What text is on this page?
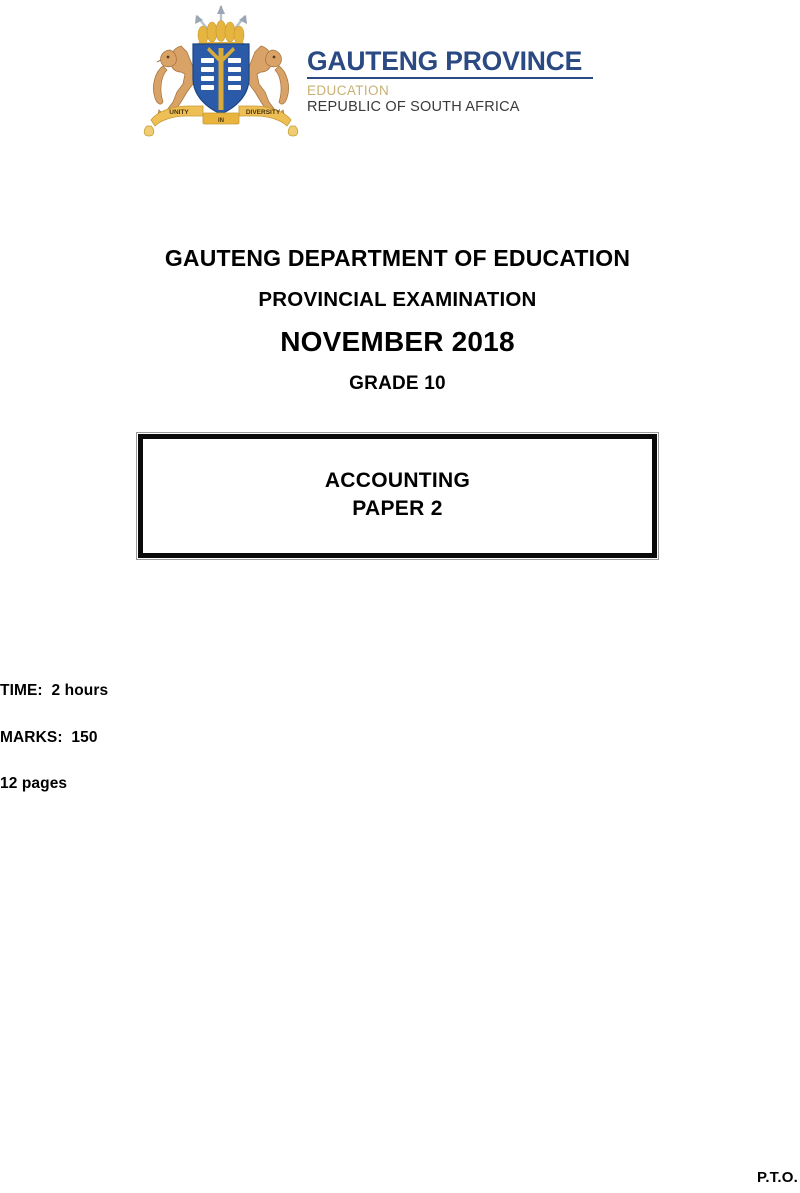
UNITY	DIVERSITY
IN
GAUTENG PROVINCE
EDUCATION
REPUBLIC OF SOUTH AFRICA
GAUTENG DEPARTMENT OF EDUCATION
PROVINCIAL EXAMINATION
NOVEMBER 2018
GRADE 10
ACCOUNTING
PAPER 2
TIME:  2 hours
MARKS:  150
12 pages
P.T.O.
